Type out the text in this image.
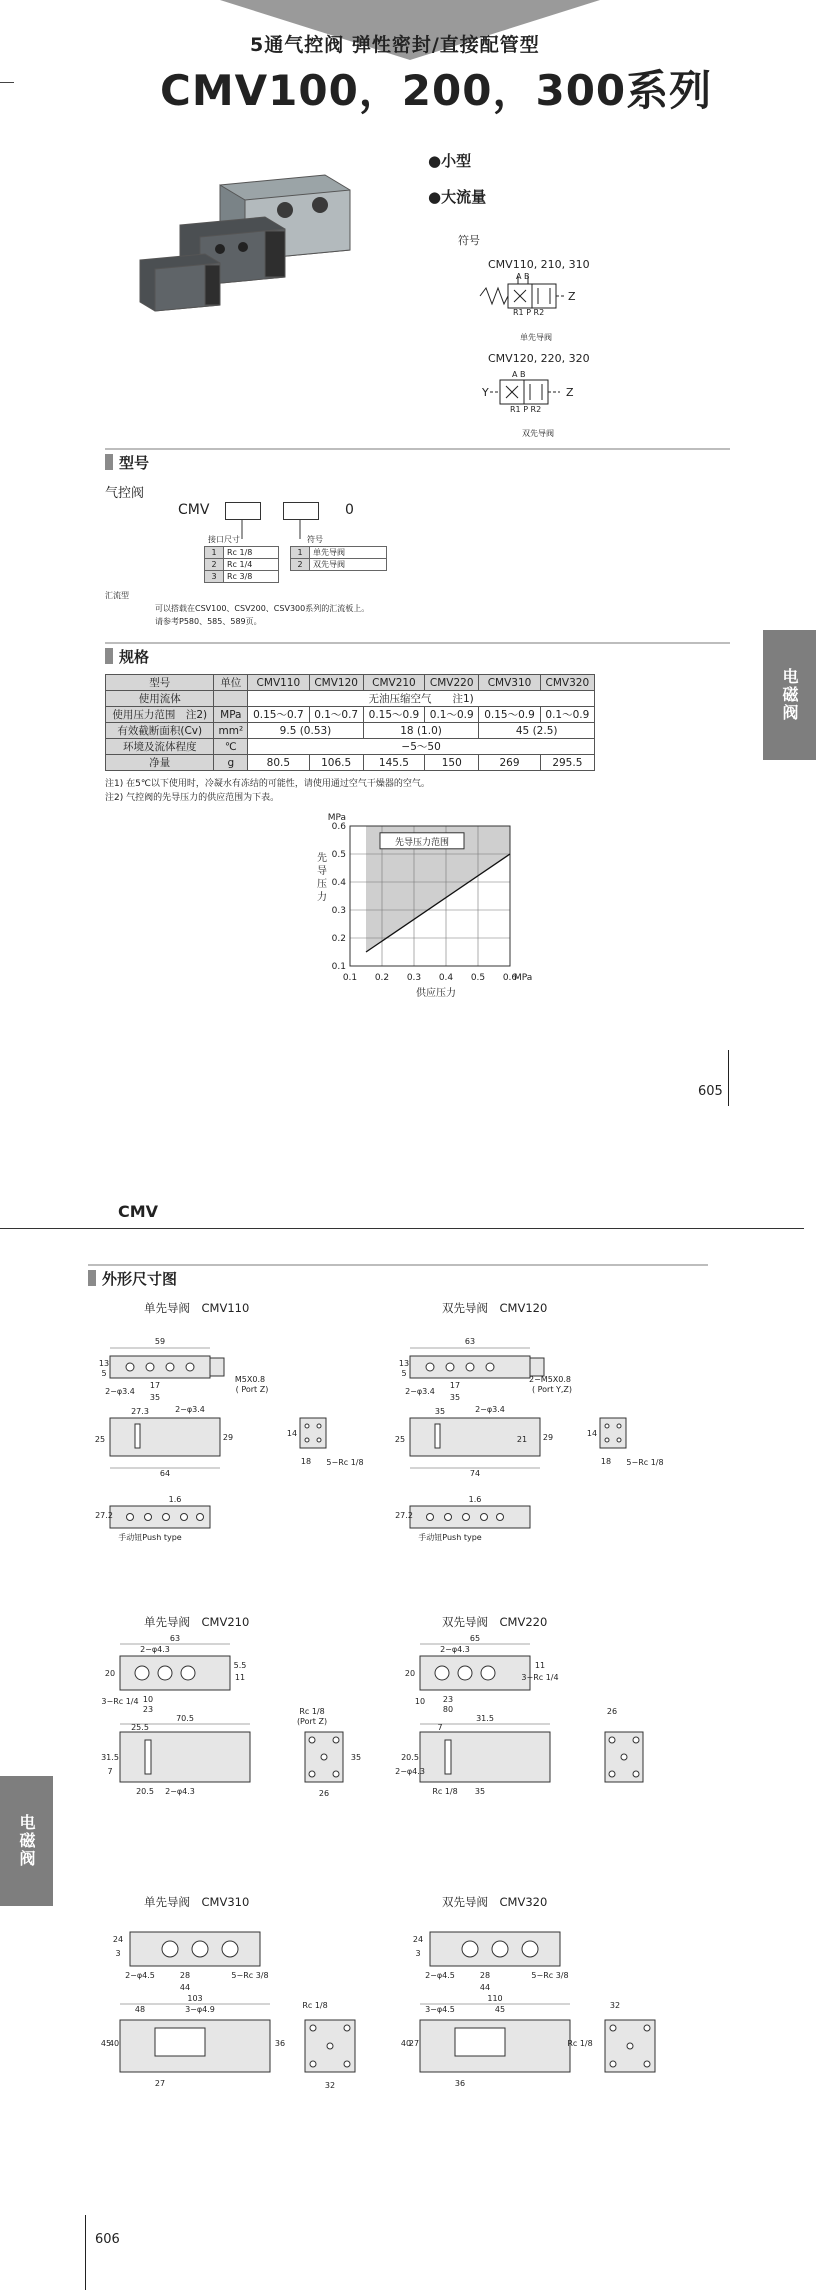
5通气控阀 弹性密封/直接配管型
CMV100，200，300系列
●小型
●大流量
符号
CMV110, 210, 310
A B
R1 P R2
Z
单先导阀
CMV120, 220, 320
Y	Z
A B
R1 P R2
双先导阀
型号
气控阀
CMV	0
接口尺寸
1	Rc 1/8
2	Rc 1/4
3	Rc 3/8
符号
1	单先导阀
2	双先导阀
汇流型
可以搭载在CSV100、CSV200、CSV300系列的汇流板上。
请参考P580、585、589页。
规格
型号	单位	CMV110	CMV120	CMV210	CMV220	CMV310	CMV320
使用流体		无油压缩空气　　注1)					
使用压力范围　注2)	MPa	0.15～0.7	0.1～0.7	0.15～0.9	0.1～0.9	0.15～0.9	0.1～0.9
有效截断面积(Cv)	mm²	9.5 (0.53)		18 (1.0)		45 (2.5)	
环境及流体程度	℃	−5～50					
净量	g	80.5	106.5	145.5	150	269	295.5
注1) 在5℃以下使用时，冷凝水有冻结的可能性，请使用通过空气干燥器的空气。
注2) 气控阀的先导压力的供应范围为下表。
0.1 0.2 0.3 0.4 0.5 0.6
0.1
0.2
0.3
0.4
0.5
0.6
MPa
MPa
先导压力范围
先导压力
供应压力
605
电磁阀
CMV
外形尺寸图
电磁阀
单先导阀　CMV110	双先导阀　CMV120
单先导阀　CMV210	双先导阀　CMV220
单先导阀　CMV310	双先导阀　CMV320
59
13
5
2−φ3.4
17
35
M5X0.8
( Port Z)
27.3	2−φ3.4
25	29
64
14
18 5−Rc 1/8
1.6
27.2
手动钮Push type
63
13
5
2−φ3.4
17
35
2−M5X0.8
( Port Y,Z)
35	2−φ3.4
25	21 29
74
14
18 5−Rc 1/8
1.6
27.2
手动钮Push type
63
2−φ4.3
20
5.5
11
3−Rc 1/4 10
23
70.5
25.5
31.5
7
20.5 2−φ4.3
Rc 1/8
(Port Z)
35
26
65
2−φ4.3
20
11
3−Rc 1/4
10 23
80
31.5
7
20.5
2−φ4.3
Rc 1/8 35
26
24
3
2−φ4.5	28
44
5−Rc 3/8
103
48	3−φ4.9
45
40
27
36
Rc 1/8
32
24
3
2−φ4.5	28
44
5−Rc 3/8
110
3−φ4.5	45
40
27
36
Rc 1/8
32
606
